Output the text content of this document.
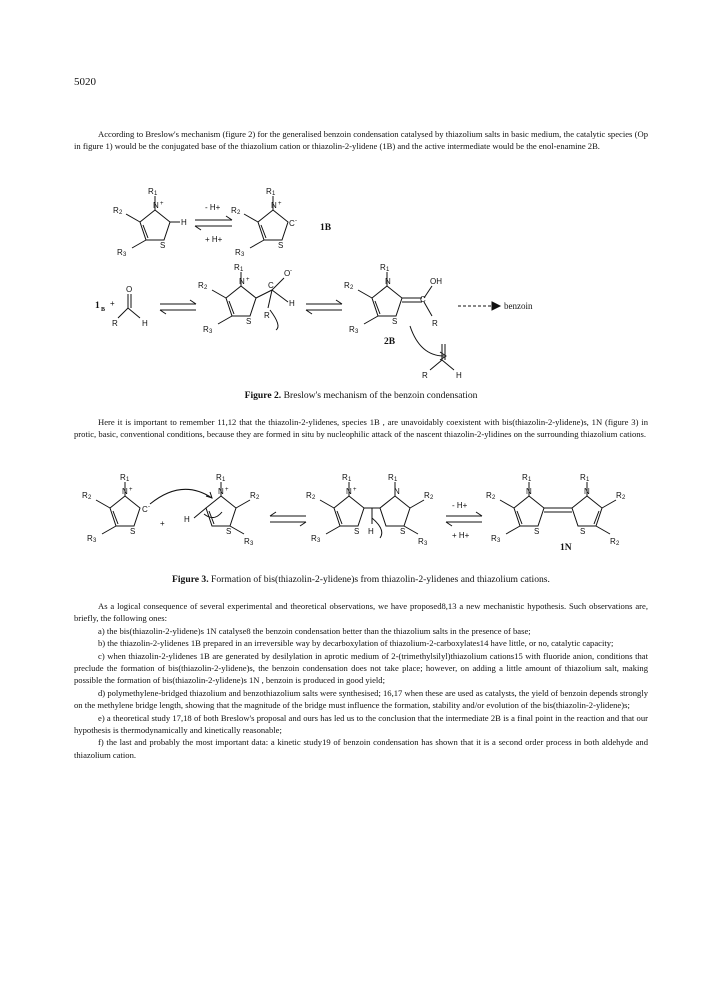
5020

According to Breslow's mechanism (figure 2) for the generalised benzoin condensation catalysed by thiazolium salts in basic medium, the catalytic species (Op in figure 1) would be the conjugated base of the thiazolium cation or thiazolin-2-ylidene (1B) and the active intermediate would be the enol-enamine 2B.

R 1
R 2
R 3
N +
S
H
- H+
+ H+
R 1
R 2
R 3
N +
S
C -
1B
1 B
+
O
R	H
R 1
R 2
R 3
N +
S
C
O -
H
R
R 1
R 2
R 3
N
S
C
OH
R
2B
benzoin
R	H
Figure 2. Breslow's mechanism of the benzoin condensation

Here it is important to remember 11,12 that the thiazolin-2-ylidenes, species 1B , are unavoidably coexistent with bis(thiazolin-2-ylidene)s, 1N (figure 3) in protic, basic, conventional conditions, because they are formed in situ by nucleophilic attack of the nascent thiazolin-2-ylidines on the surrounding thiazolium cations.

R 1
R 2
R 3
N +
S
C -
+
R 1
R 2
R 3
N +
S
H
R 1	R 1
R 2	R 2
R 3	R 3
N +	N
S	S
H
- H+
+ H+
R 1	R 1
R 2	R 2
R 3	R 2
N	N
S	S
1N
Figure 3. Formation of bis(thiazolin-2-ylidene)s from thiazolin-2-ylidenes and thiazolium cations.

As a logical consequence of several experimental and theoretical observations, we have proposed8,13 a new mechanistic hypothesis. Such observations are, briefly, the following ones:

a) the bis(thiazolin-2-ylidene)s 1N catalyse8 the benzoin condensation better than the thiazolium salts in the presence of base;

b) the thiazolin-2-ylidenes 1B prepared in an irreversible way by decarboxylation of thiazolium-2-carboxylates14 have little, or no, catalytic capacity;

c) when thiazolin-2-ylidenes 1B are generated by desilylation in aprotic medium of 2-(trimethylsilyl)thiazolium cations15 with fluoride anion, conditions that preclude the formation of bis(thiazolin-2-ylidene)s, the benzoin condensation does not take place; however, on adding a little amount of thiazolium salt, making possible the formation of bis(thiazolin-2-ylidene)s 1N , benzoin is produced in good yield;

d) polymethylene-bridged thiazolium and benzothiazolium salts were synthesised; 16,17 when these are used as catalysts, the yield of benzoin depends strongly on the methylene bridge length, showing that the magnitude of the bridge must influence the formation, stability and/or evolution of the bis(thiazolin-2-ylidene)s;

e) a theoretical study 17,18 of both Breslow's proposal and ours has led us to the conclusion that the intermediate 2B is a final point in the reaction and that our hypothesis is thermodynamically and kinetically reasonable;

f) the last and probably the most important data: a kinetic study19 of benzoin condensation has shown that it is a second order process in both aldehyde and thiazolium cation.
